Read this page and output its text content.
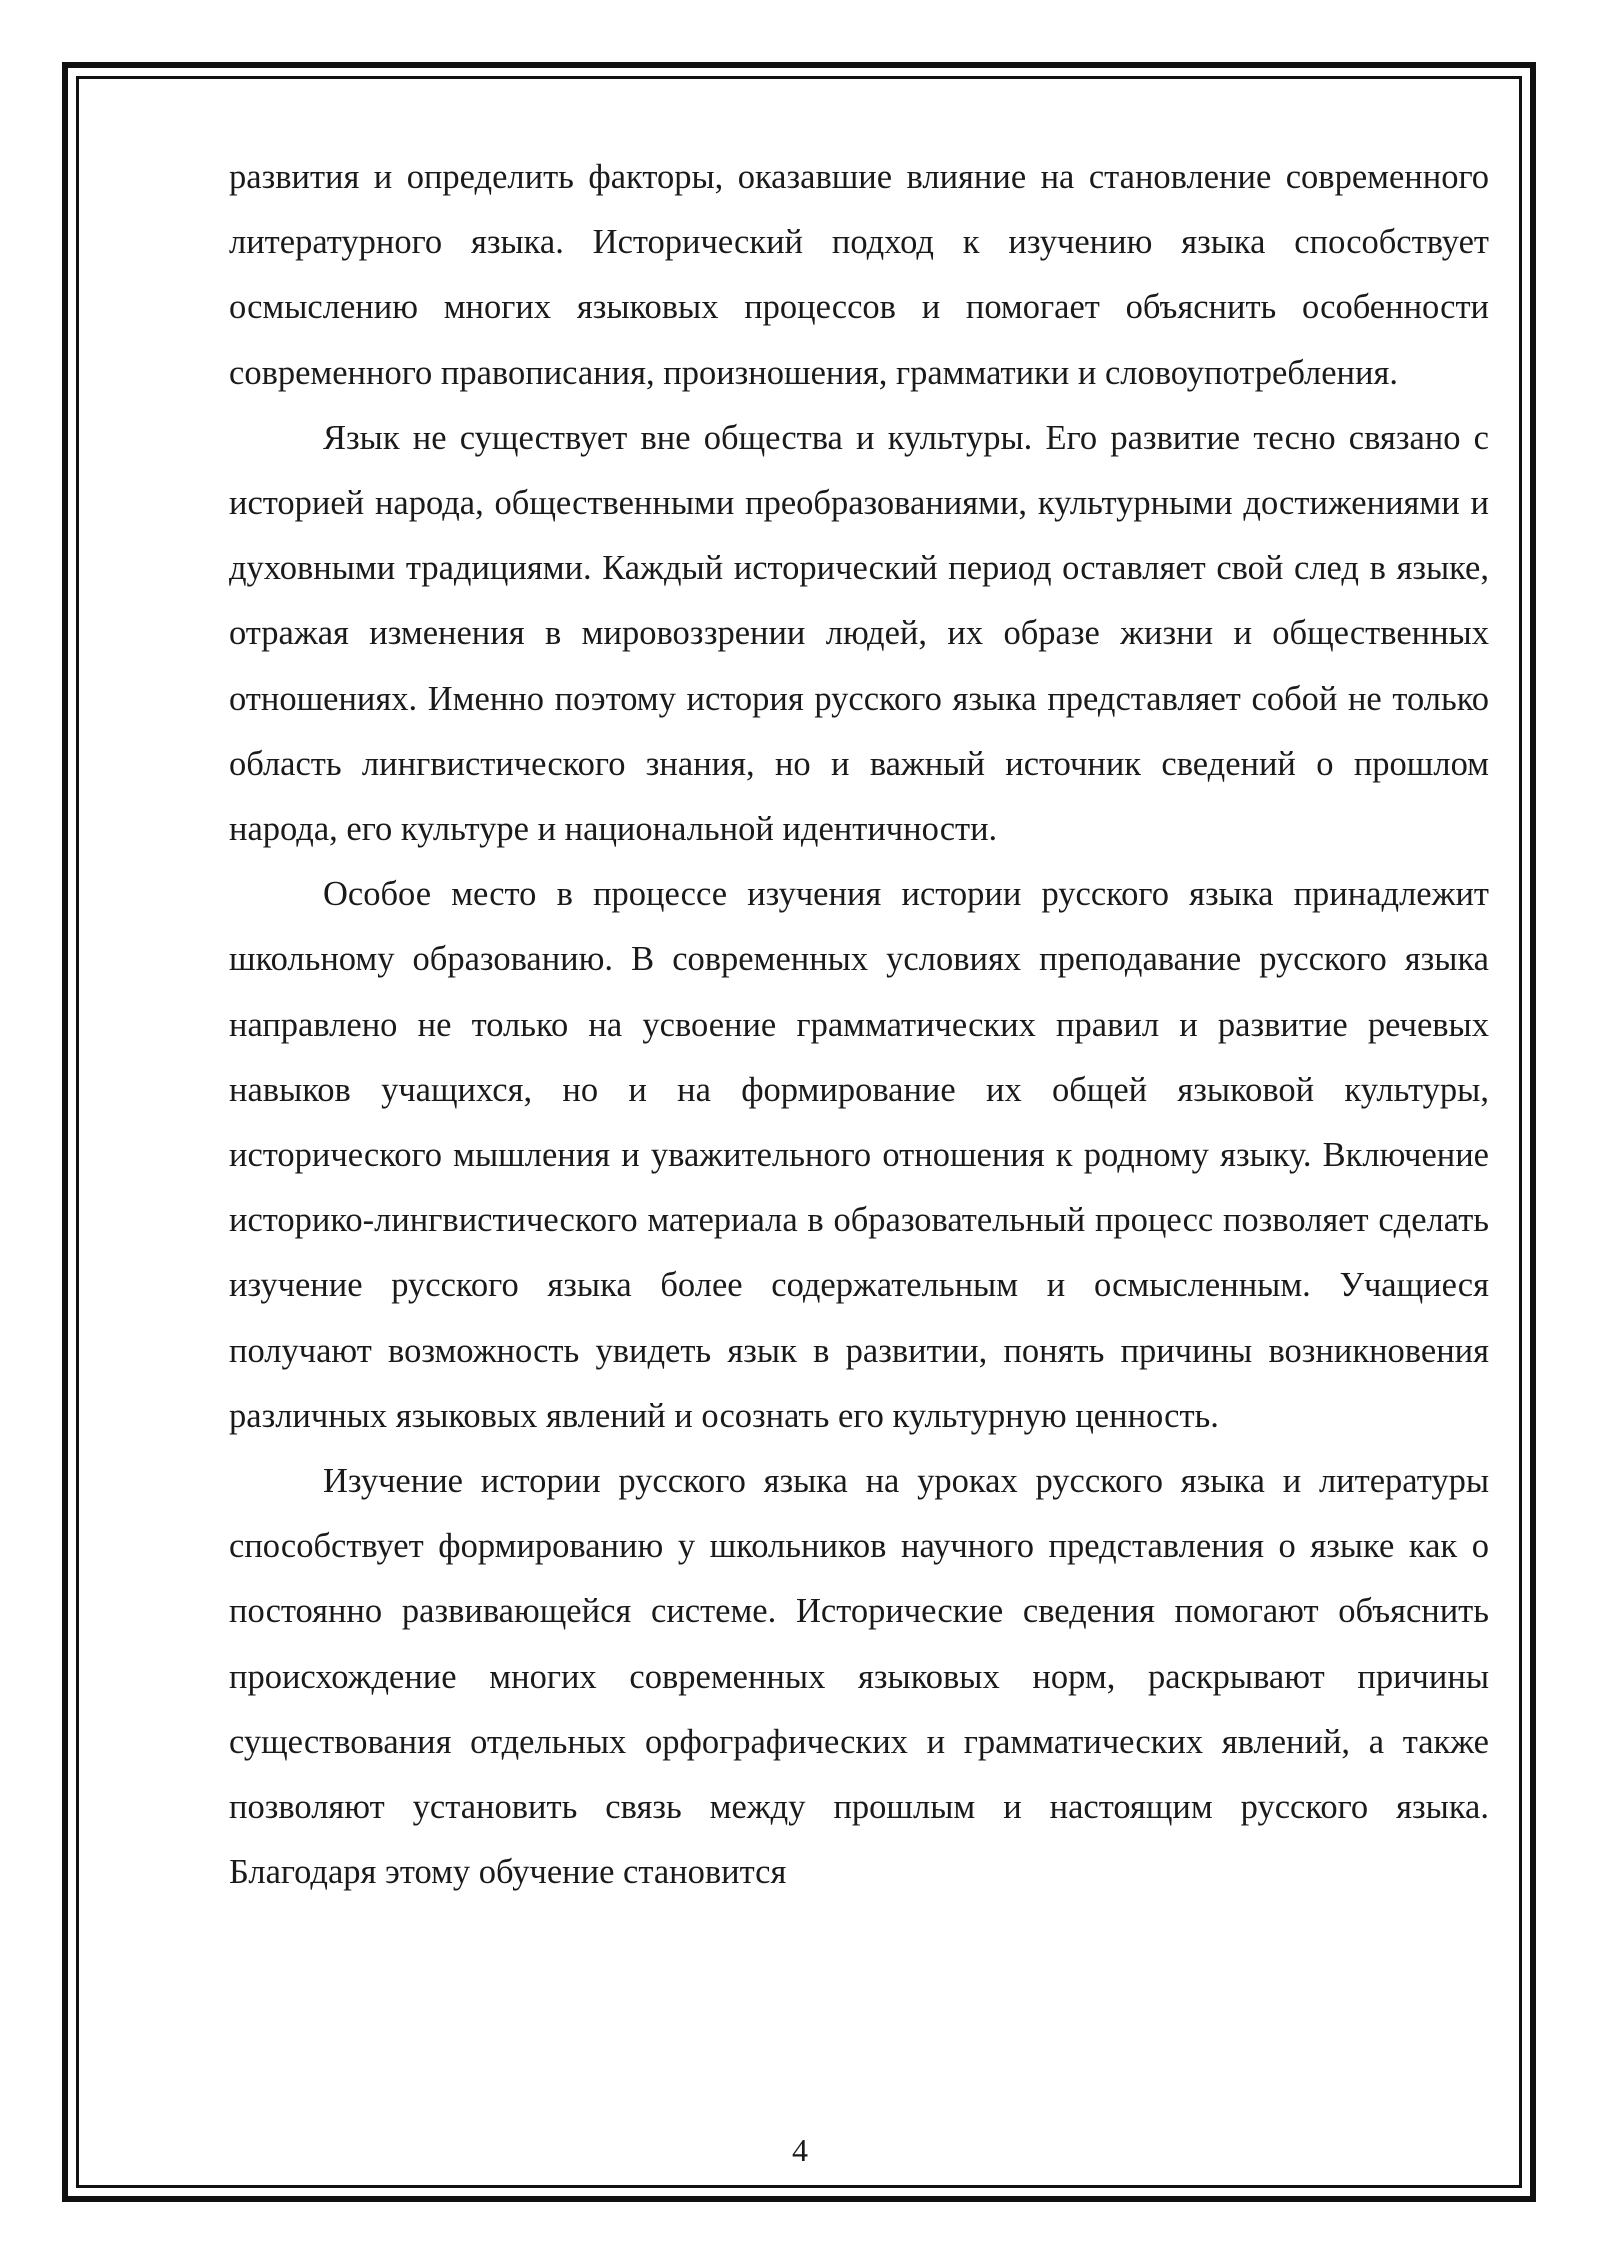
развития и определить факторы, оказавшие влияние на становление современного литературного языка. Исторический подход к изучению языка способствует осмыслению многих языковых процессов и помогает объяснить особенности современного правописания, произношения, грамматики и словоупотребления.

Язык не существует вне общества и культуры. Его развитие тесно связано с историей народа, общественными преобразованиями, культурными достижениями и духовными традициями. Каждый исторический период оставляет свой след в языке, отражая изменения в мировоззрении людей, их образе жизни и общественных отношениях. Именно поэтому история русского языка представляет собой не только область лингвистического знания, но и важный источник сведений о прошлом народа, его культуре и национальной идентичности.

Особое место в процессе изучения истории русского языка принадлежит школьному образованию. В современных условиях преподавание русского языка направлено не только на усвоение грамматических правил и развитие речевых навыков учащихся, но и на формирование их общей языковой культуры, исторического мышления и уважительного отношения к родному языку. Включение историко-лингвистического материала в образовательный процесс позволяет сделать изучение русского языка более содержательным и осмысленным. Учащиеся получают возможность увидеть язык в развитии, понять причины возникновения различных языковых явлений и осознать его культурную ценность.

Изучение истории русского языка на уроках русского языка и литературы способствует формированию у школьников научного представления о языке как о постоянно развивающейся системе. Исторические сведения помогают объяснить происхождение многих современных языковых норм, раскрывают причины существования отдельных орфографических и грамматических явлений, а также позволяют установить связь между прошлым и настоящим русского языка. Благодаря этому обучение становится

4
